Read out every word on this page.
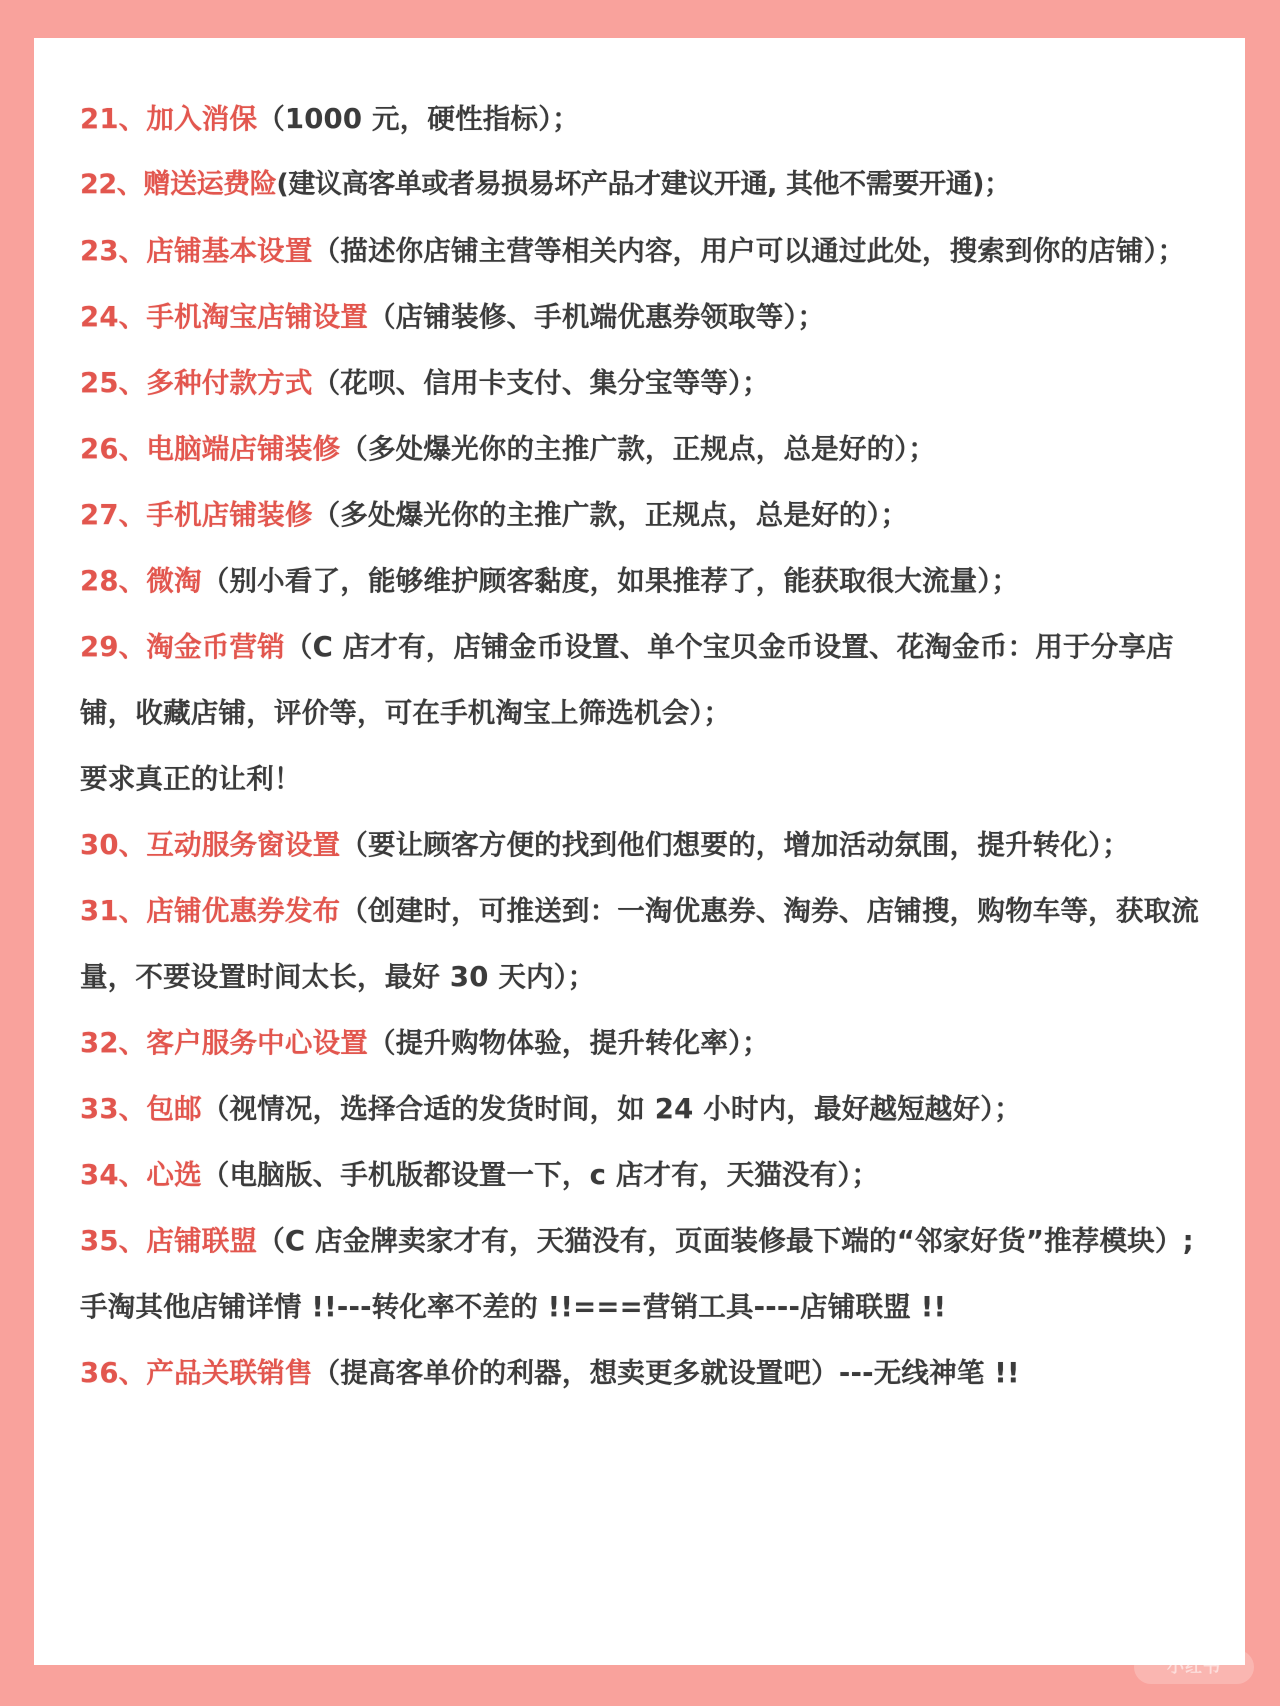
21、加入消保（1000 元，硬性指标）；

22、赠送运费险(建议高客单或者易损易坏产品才建议开通, 其他不需要开通)；

23、店铺基本设置（描述你店铺主营等相关内容，用户可以通过此处，搜索到你的店铺）；

24、手机淘宝店铺设置（店铺装修、手机端优惠券领取等）；

25、多种付款方式（花呗、信用卡支付、集分宝等等）；

26、电脑端店铺装修（多处爆光你的主推广款，正规点，总是好的）；

27、手机店铺装修（多处爆光你的主推广款，正规点，总是好的）；

28、微淘（别小看了，能够维护顾客黏度，如果推荐了，能获取很大流量）；

29、淘金币营销（C 店才有，店铺金币设置、单个宝贝金币设置、花淘金币：用于分享店铺，收藏店铺，评价等，可在手机淘宝上筛选机会）；

要求真正的让利！

30、互动服务窗设置（要让顾客方便的找到他们想要的，增加活动氛围，提升转化）；

31、店铺优惠券发布（创建时，可推送到：一淘优惠券、淘券、店铺搜，购物车等，获取流量，不要设置时间太长，最好 30 天内）；

32、客户服务中心设置（提升购物体验，提升转化率）；

33、包邮（视情况，选择合适的发货时间，如 24 小时内，最好越短越好）；

34、心选（电脑版、手机版都设置一下，c 店才有，天猫没有）；

35、店铺联盟（C 店金牌卖家才有，天猫没有，页面装修最下端的“邻家好货”推荐模块）;手淘其他店铺详情 !!---转化率不差的 !!===营销工具----店铺联盟 !!

36、产品关联销售（提高客单价的利器，想卖更多就设置吧）---无线神笔 !!

小红书
